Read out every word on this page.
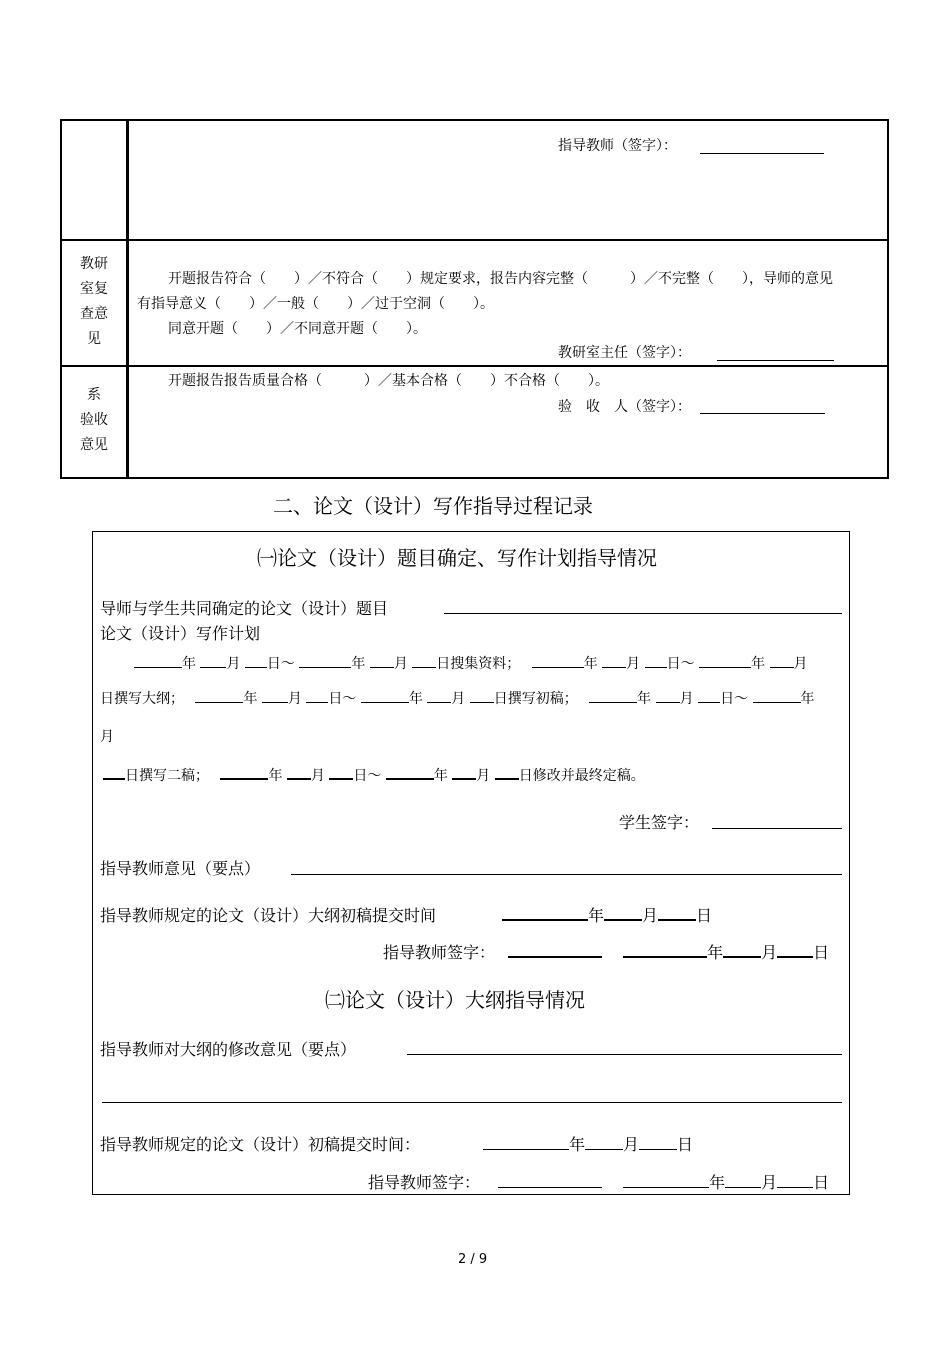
指导教师（签字）：
教研
室复
查意
见
开题报告符合（　　）／不符合（　　）规定要求，报告内容完整（　　　）／不完整（　　），导师的意见
有指导意义（　　）／一般（　　）／过于空洞（　　）。
同意开题（　　）／不同意开题（　　）。
教研室主任（签字）：
系
验收
意见
开题报告报告质量合格（　　　）／基本合格（　　）不合格（　　）。
验　收　人（签字）：
二、论文（设计）写作指导过程记录
㈠论文（设计）题目确定、写作计划指导情况
导师与学生共同确定的论文（设计）题目
论文（设计）写作计划
年 月 日～	年 月 日搜集资料；　	年 月 日～	年 月
日撰写大纲；　	年 月 日～	年 月 日撰写初稿；　	年 月 日～	年
月
日撰写二稿；　	年 月 日～	年 月 日修改并最终定稿。
学生签字：
指导教师意见（要点）
指导教师规定的论文（设计）大纲初稿提交时间	年 月 日
指导教师签字：
　	年 月 日
㈡论文（设计）大纲指导情况
指导教师对大纲的修改意见（要点）
指导教师规定的论文（设计）初稿提交时间：	年 月 日
指导教师签字：
　	年 月 日
2 / 9
